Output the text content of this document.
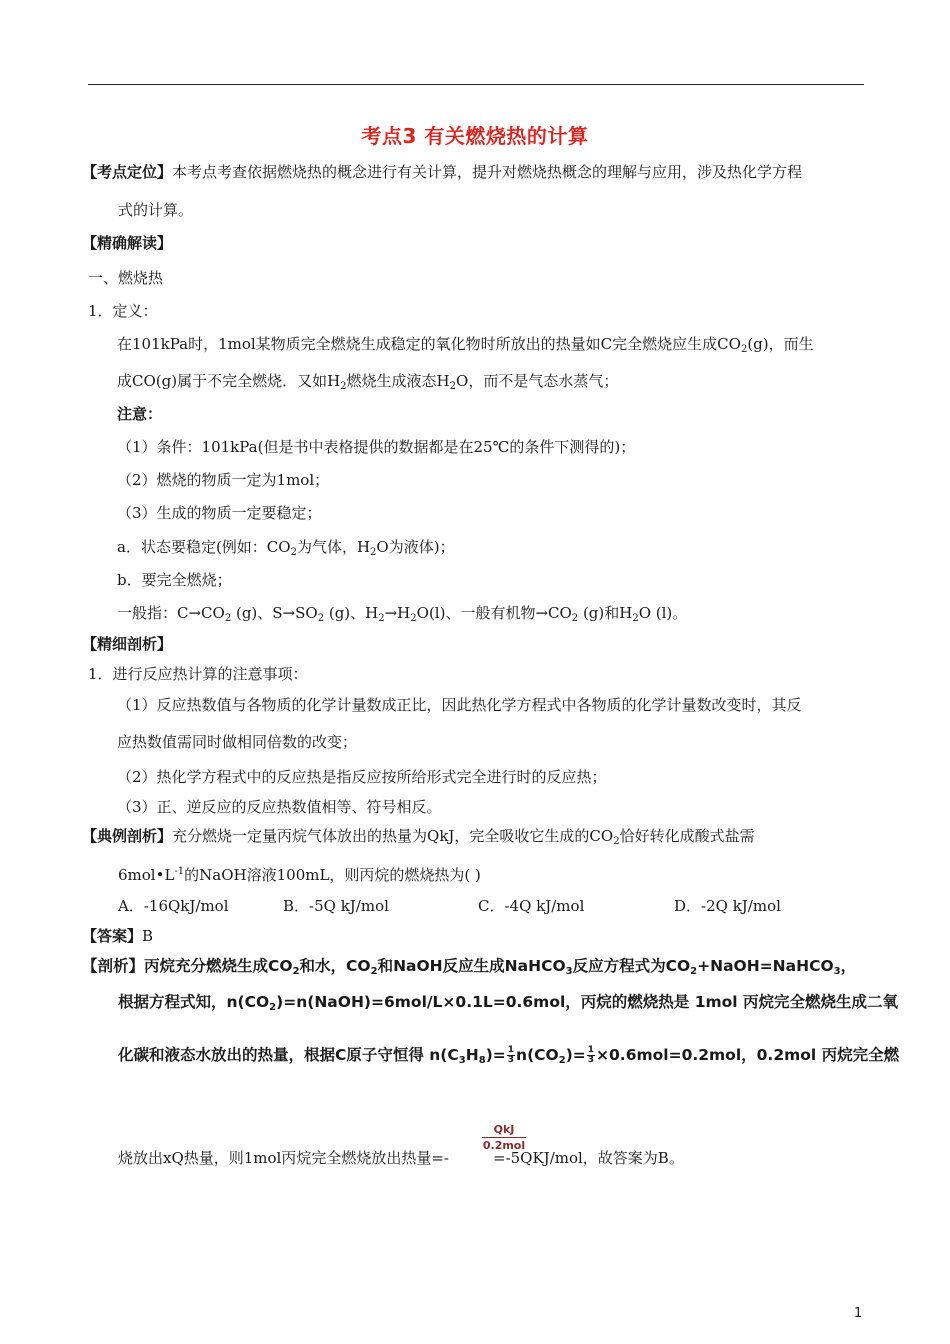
考点3 有关燃烧热的计算
【考点定位】本考点考查依据燃烧热的概念进行有关计算，提升对燃烧热概念的理解与应用，涉及热化学方程
式的计算。
【精确解读】
一、燃烧热
1．定义：
在101kPa时，1mol某物质完全燃烧生成稳定的氧化物时所放出的热量如C完全燃烧应生成$CO_2(g)$，而生
成CO(g)属于不完全燃烧．又如$H_2$燃烧生成液态$H_2O$，而不是气态水蒸气；
注意：
（1）条件：101kPa(但是书中表格提供的数据都是在25℃的条件下测得的)；
（2）燃烧的物质一定为1mol；
（3）生成的物质一定要稳定；
a．状态要稳定(例如：$CO_2$为气体，$H_2O$为液体)；
b．要完全燃烧；
一般指：$C\to CO_2$ (g)、$S\to SO_2$ (g)、$H_2\to H_2O(l)$、一般有机物$\to CO_2$ (g)和$H_2O$ (l)。
【精细剖析】
1．进行反应热计算的注意事项：
（1）反应热数值与各物质的化学计量数成正比，因此热化学方程式中各物质的化学计量数改变时，其反
应热数值需同时做相同倍数的改变；
（2）热化学方程式中的反应热是指反应按所给形式完全进行时的反应热；
（3）正、逆反应的反应热数值相等、符号相反。
【典例剖析】充分燃烧一定量丙烷气体放出的热量为QkJ，完全吸收它生成的$CO_2$恰好转化成酸式盐需
$6mol•L^{-1}$的NaOH溶液100mL，则丙烷的燃烧热为( )
A．-16QkJ/mol	B．-5Q kJ/mol	C．-4Q kJ/mol	D．-2Q kJ/mol
【答案】B
【剖析】丙烷充分燃烧生成$CO_2$和水，$CO_2$和NaOH反应生成NaHCO$_3$反应方程式为$CO_2+NaOH=NaHCO_3$，
根据方程式知，$n(CO_2)=n(NaOH)=6mol/L\times 0.1L=0.6mol$，丙烷的燃烧热是 1mol 丙烷完全燃烧生成二氧
化碳和液态水放出的热量，根据C原子守恒得 $n(C_3H_8)= \frac{1}{3} n(CO_2)= \frac{1}{3} \times 0.6mol=0.2mol$，0.2mol 丙烷完全燃
QkJ
0.2mol
烧放出xQ热量，则1mol丙烷完全燃烧放出热量=-	=-5QKJ/mol，故答案为B。
1
